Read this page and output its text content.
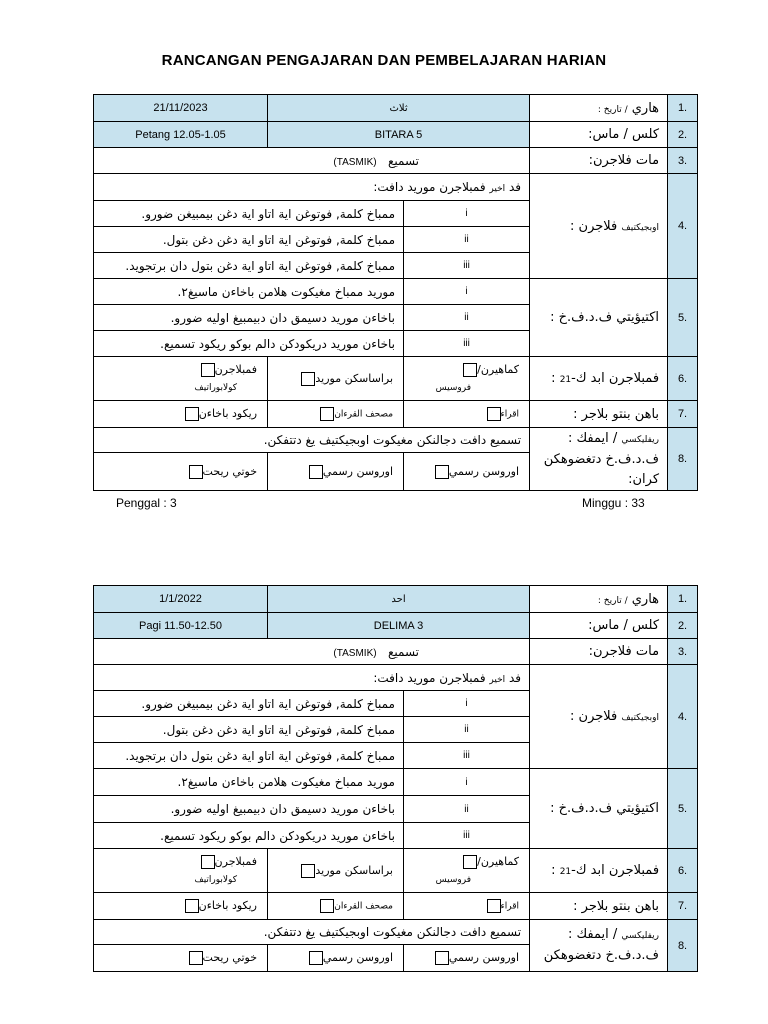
RANCANGAN PENGAJARAN DAN PEMBELAJARAN HARIAN
21/11/2023	ثلاث		هاري / تاريخ :	1.
Petang 12.05-1.05	BITARA 5		كلس / ماس:	2.
تسميع   (TASMIK)			مات فلاجرن:	3.
فد اخير فمبلاجرن موريد دافت:			اوبجيكتيف فلاجرن :	4.
ممباخ كلمة, فوتوغن اية اتاو اية دغن بيمبيغن ضورو.		i		
ممباخ كلمة, فوتوغن اية اتاو اية دغن دغن بتول.		ii		
ممباخ كلمة, فوتوغن اية اتاو اية دغن بتول دان برتجويد.		iii		
موريد ممباخ مغيكوت هلامن باخاءن ماسيغ٢.		i	اكتيؤيتي ف.د.ف.خ :	5.
باخاءن موريد دسيمق دان دبيمبيغ اوليه ضورو.		ii		
باخاءن موريد دريكودكن دالم بوكو ريكود تسميع.		iii		
فمبلاجرن
كولابوراتيف	براساسكن موريد	كماهيرن/
فروسيس	فمبلاجرن ابد ك-21 :	6.
ريكود باخاءن	مصحف القرءان	اقراء	باهن بنتو بلاجر :	7.
تسميع دافت دجالنكن مغيكوت اوبجيكتيف يغ دتتفكن.			ريفليكسي / ايمفك :
ف.د.ف.خ دتغضوهكن
كران:	8.
خوتي ريحت	اوروسن رسمي	اوروسن رسمي		
Penggal : 3	Minggu : 33
1/1/2022	احد		هاري / تاريخ :	1.
Pagi 11.50-12.50	DELIMA 3		كلس / ماس:	2.
تسميع   (TASMIK)			مات فلاجرن:	3.
فد اخير فمبلاجرن موريد دافت:			اوبجيكتيف فلاجرن :	4.
ممباخ كلمة, فوتوغن اية اتاو اية دغن بيمبيغن ضورو.		i		
ممباخ كلمة, فوتوغن اية اتاو اية دغن دغن بتول.		ii		
ممباخ كلمة, فوتوغن اية اتاو اية دغن بتول دان برتجويد.		iii		
موريد ممباخ مغيكوت هلامن باخاءن ماسيغ٢.		i	اكتيؤيتي ف.د.ف.خ :	5.
باخاءن موريد دسيمق دان دبيمبيغ اوليه ضورو.		ii		
باخاءن موريد دريكودكن دالم بوكو ريكود تسميع.		iii		
فمبلاجرن
كولابوراتيف	براساسكن موريد	كماهيرن/
فروسيس	فمبلاجرن ابد ك-21 :	6.
ريكود باخاءن	مصحف القرءان	اقراء	باهن بنتو بلاجر :	7.
تسميع دافت دجالنكن مغيكوت اوبجيكتيف يغ دتتفكن.			ريفليكسي / ايمفك :
ف.د.ف.خ دتغضوهكن	8.
خوتي ريحت	اوروسن رسمي	اوروسن رسمي		
